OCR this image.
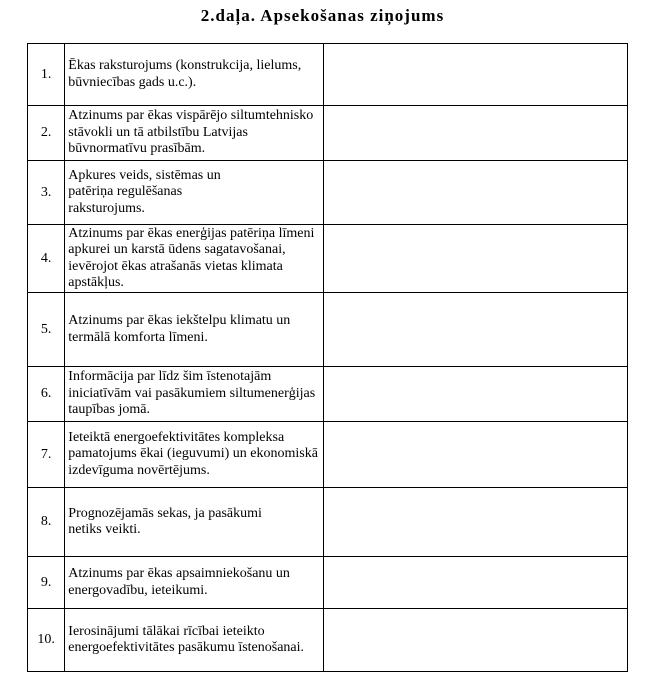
2.daļa. Apsekošanas ziņojums
1.	Ēkas raksturojums (konstrukcija, lielums, būvniecības gads u.c.).	
2.	Atzinums par ēkas vispārējo siltumtehnisko stāvokli un tā atbilstību Latvijas būvnormatīvu prasībām.	
3.	Apkures veids, sistēmas un patēriņa regulēšanas raksturojums.	
4.	Atzinums par ēkas enerģijas patēriņa līmeni apkurei un karstā ūdens sagatavošanai, ievērojot ēkas atrašanās vietas klimata apstākļus.	
5.	Atzinums par ēkas iekštelpu klimatu un termālā komforta līmeni.	
6.	Informācija par līdz šim īstenotajām iniciatīvām vai pasākumiem siltumenerģijas taupības jomā.	
7.	Ieteiktā energoefektivitātes kompleksa pamatojums ēkai (ieguvumi) un ekonomiskā izdevīguma novērtējums.	
8.	Prognozējamās sekas, ja pasākumi netiks veikti.	
9.	Atzinums par ēkas apsaimniekošanu un energovadību, ieteikumi.	
10.	Ierosinājumi tālākai rīcībai ieteikto energoefektivitātes pasākumu īstenošanai.	
